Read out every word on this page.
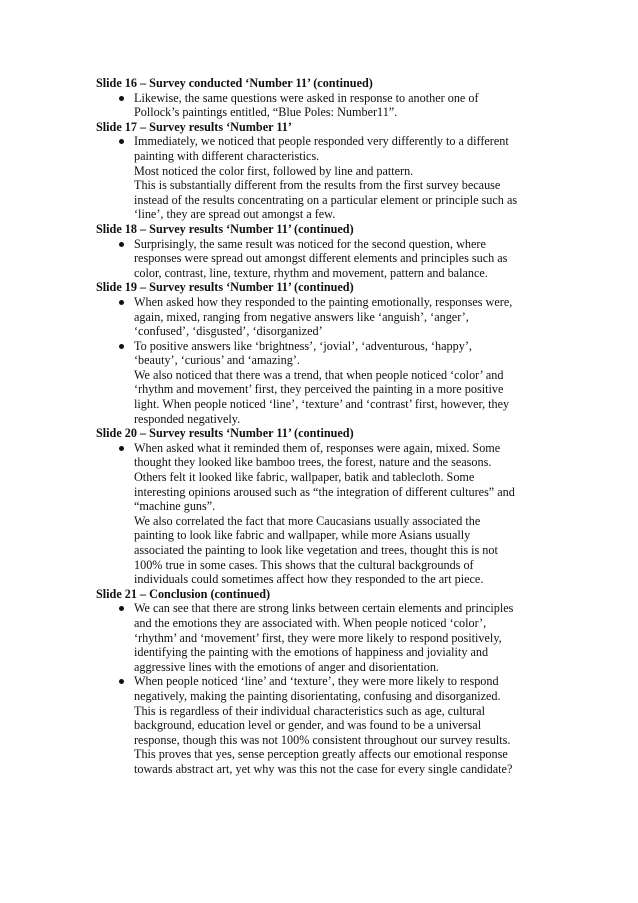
Slide 16 – Survey conducted ‘Number 11’ (continued)
Likewise, the same questions were asked in response to another one of
Pollock’s paintings entitled, “Blue Poles: Number11”.
Slide 17 – Survey results ‘Number 11’
Immediately, we noticed that people responded very differently to a different
painting with different characteristics.
Most noticed the color first, followed by line and pattern.
This is substantially different from the results from the first survey because
instead of the results concentrating on a particular element or principle such as
‘line’, they are spread out amongst a few.
Slide 18 – Survey results ‘Number 11’ (continued)
Surprisingly, the same result was noticed for the second question, where
responses were spread out amongst different elements and principles such as
color, contrast, line, texture, rhythm and movement, pattern and balance.
Slide 19 – Survey results ‘Number 11’ (continued)
When asked how they responded to the painting emotionally, responses were,
again, mixed, ranging from negative answers like ‘anguish’, ‘anger’,
‘confused’, ‘disgusted’, ‘disorganized’
To positive answers like ‘brightness’, ‘jovial’, ‘adventurous, ‘happy’,
‘beauty’, ‘curious’ and ‘amazing’.
We also noticed that there was a trend, that when people noticed ‘color’ and
‘rhythm and movement’ first, they perceived the painting in a more positive
light. When people noticed ‘line’, ‘texture’ and ‘contrast’ first, however, they
responded negatively.
Slide 20 – Survey results ‘Number 11’ (continued)
When asked what it reminded them of, responses were again, mixed. Some
thought they looked like bamboo trees, the forest, nature and the seasons.
Others felt it looked like fabric, wallpaper, batik and tablecloth. Some
interesting opinions aroused such as “the integration of different cultures” and
“machine guns”.
We also correlated the fact that more Caucasians usually associated the
painting to look like fabric and wallpaper, while more Asians usually
associated the painting to look like vegetation and trees, thought this is not
100% true in some cases. This shows that the cultural backgrounds of
individuals could sometimes affect how they responded to the art piece.
Slide 21 – Conclusion (continued)
We can see that there are strong links between certain elements and principles
and the emotions they are associated with. When people noticed ‘color’,
‘rhythm’ and ‘movement’ first, they were more likely to respond positively,
identifying the painting with the emotions of happiness and joviality and
aggressive lines with the emotions of anger and disorientation.
When people noticed ‘line’ and ‘texture’, they were more likely to respond
negatively, making the painting disorientating, confusing and disorganized.
This is regardless of their individual characteristics such as age, cultural
background, education level or gender, and was found to be a universal
response, though this was not 100% consistent throughout our survey results.
This proves that yes, sense perception greatly affects our emotional response
towards abstract art, yet why was this not the case for every single candidate?
